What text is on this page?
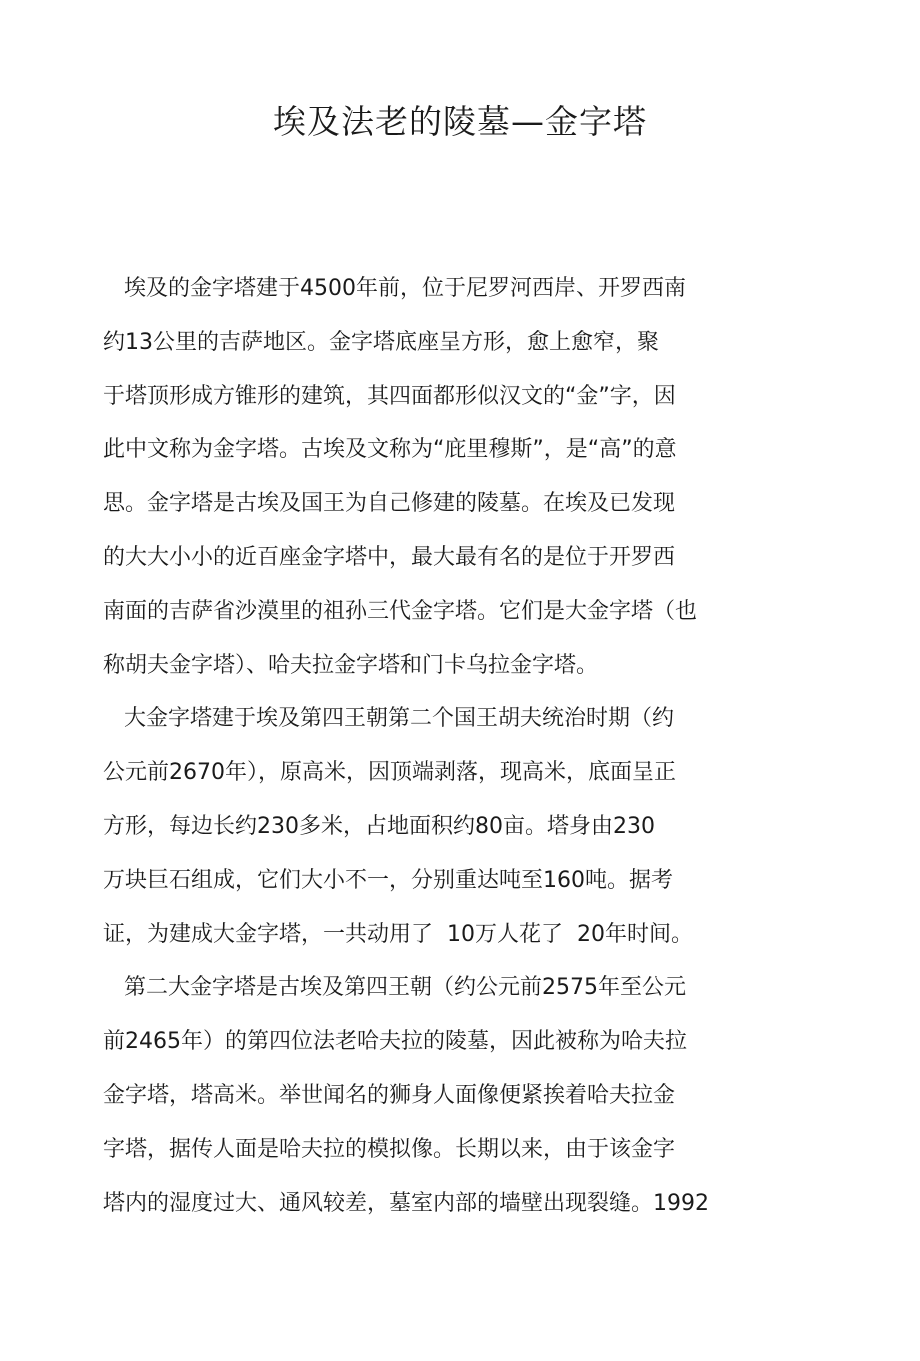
埃及法老的陵墓—金字塔
埃及的金字塔建于4500年前，位于尼罗河西岸、开罗西南
约13公里的吉萨地区。金字塔底座呈方形，愈上愈窄，聚
于塔顶形成方锥形的建筑，其四面都形似汉文的“金”字，因
此中文称为金字塔。古埃及文称为“庇里穆斯”，是“高”的意
思。金字塔是古埃及国王为自己修建的陵墓。在埃及已发现
的大大小小的近百座金字塔中，最大最有名的是位于开罗西
南面的吉萨省沙漠里的祖孙三代金字塔。它们是大金字塔（也
称胡夫金字塔）、哈夫拉金字塔和门卡乌拉金字塔。
大金字塔建于埃及第四王朝第二个国王胡夫统治时期（约
公元前2670年），原高米，因顶端剥落，现高米，底面呈正
方形，每边长约230多米，占地面积约80亩。塔身由230
万块巨石组成，它们大小不一，分别重达吨至160吨。据考
证，为建成大金字塔，一共动用了  10万人花了  20年时间。
第二大金字塔是古埃及第四王朝（约公元前2575年至公元
前2465年）的第四位法老哈夫拉的陵墓，因此被称为哈夫拉
金字塔，塔高米。举世闻名的狮身人面像便紧挨着哈夫拉金
字塔，据传人面是哈夫拉的模拟像。长期以来，由于该金字
塔内的湿度过大、通风较差，墓室内部的墙壁出现裂缝。1992
